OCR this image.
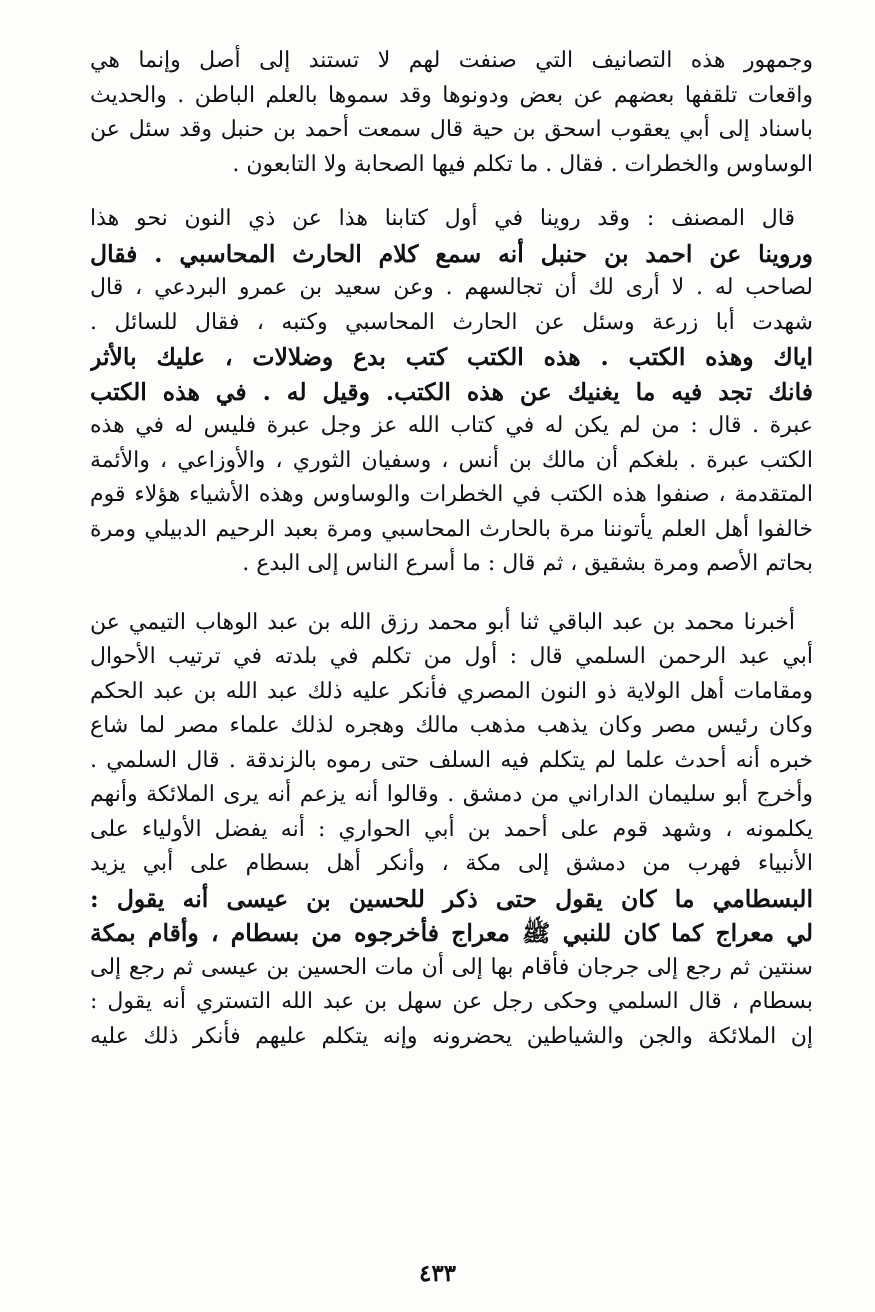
وجمهور هذه التصانيف التي صنفت لهم لا تستند إلى أصل وإنما هي
واقعات تلقفها بعضهم عن بعض ودونوها وقد سموها بالعلم الباطن . والحديث
باسناد إلى أبي يعقوب اسحق بن حية قال سمعت أحمد بن حنبل وقد سئل عن
الوساوس والخطرات . فقال . ما تكلم فيها الصحابة ولا التابعون .
قال المصنف : وقد روينا في أول كتابنا هذا عن ذي النون نحو هذا
وروينا عن احمد بن حنبل أنه سمع كلام الحارث المحاسبي . فقال
لصاحب له . لا أرى لك أن تجالسهم . وعن سعيد بن عمرو البردعي ، قال
شهدت أبا زرعة وسئل عن الحارث المحاسبي وكتبه ، فقال للسائل .
اياك وهذه الكتب . هذه الكتب كتب بدع وضلالات ، عليك بالأثر
فانك تجد فيه ما يغنيك عن هذه الكتب. وقيل له . في هذه الكتب
عبرة . قال : من لم يكن له في كتاب الله عز وجل عبرة فليس له في هذه
الكتب عبرة . بلغكم أن مالك بن أنس ، وسفيان الثوري ، والأوزاعي ، والأئمة
المتقدمة ، صنفوا هذه الكتب في الخطرات والوساوس وهذه الأشياء هؤلاء قوم
خالفوا أهل العلم يأتوننا مرة بالحارث المحاسبي ومرة بعبد الرحيم الدبيلي ومرة
بحاتم الأصم ومرة بشقيق ، ثم قال : ما أسرع الناس إلى البدع .
أخبرنا محمد بن عبد الباقي ثنا أبو محمد رزق الله بن عبد الوهاب التيمي عن
أبي عبد الرحمن السلمي قال : أول من تكلم في بلدته في ترتيب الأحوال
ومقامات أهل الولاية ذو النون المصري فأنكر عليه ذلك عبد الله بن عبد الحكم
وكان رئيس مصر وكان يذهب مذهب مالك وهجره لذلك علماء مصر لما شاع
خبره أنه أحدث علما لم يتكلم فيه السلف حتى رموه بالزندقة . قال السلمي .
وأخرج أبو سليمان الداراني من دمشق . وقالوا أنه يزعم أنه يرى الملائكة وأنهم
يكلمونه ، وشهد قوم على أحمد بن أبي الحواري : أنه يفضل الأولياء على
الأنبياء فهرب من دمشق إلى مكة ، وأنكر أهل بسطام على أبي يزيد
البسطامي ما كان يقول حتى ذكر للحسين بن عيسى أنه يقول :
لي معراج كما كان للنبي ﷺ معراج فأخرجوه من بسطام ، وأقام بمكة
سنتين ثم رجع إلى جرجان فأقام بها إلى أن مات الحسين بن عيسى ثم رجع إلى
بسطام ، قال السلمي وحكى رجل عن سهل بن عبد الله التستري أنه يقول :
إن الملائكة والجن والشياطين يحضرونه وإنه يتكلم عليهم فأنكر ذلك عليه
٤٣٣
